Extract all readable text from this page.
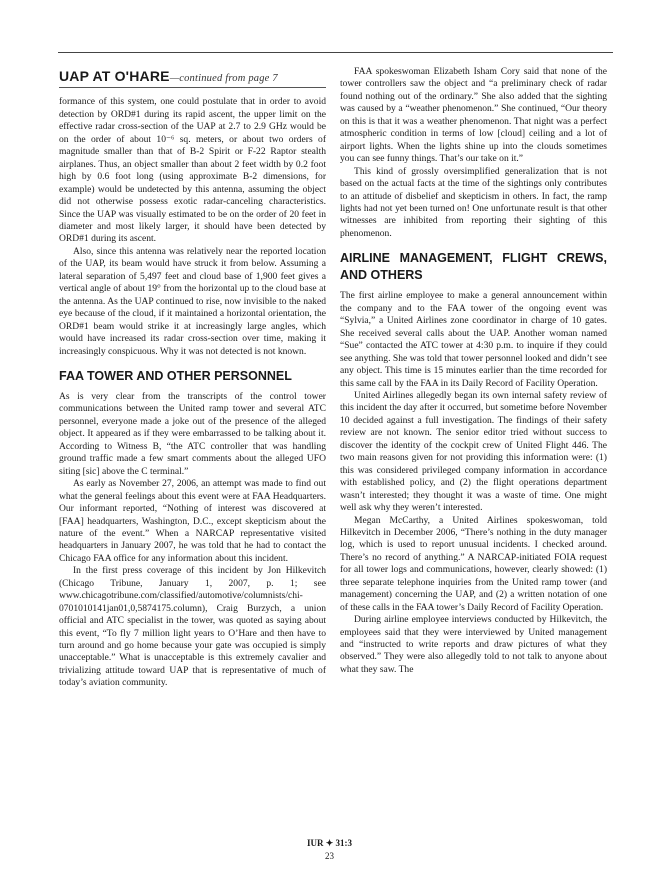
UAP AT O'HARE—continued from page 7

formance of this system, one could postulate that in order to avoid detection by ORD#1 during its rapid ascent, the upper limit on the effective radar cross-section of the UAP at 2.7 to 2.9 GHz would be on the order of about 10⁻⁶ sq. meters, or about two orders of magnitude smaller than that of B-2 Spirit or F-22 Raptor stealth airplanes. Thus, an object smaller than about 2 feet width by 0.2 foot high by 0.6 foot long (using approximate B-2 dimensions, for example) would be undetected by this antenna, assuming the object did not otherwise possess exotic radar-canceling characteristics. Since the UAP was visually estimated to be on the order of 20 feet in diameter and most likely larger, it should have been detected by ORD#1 during its ascent.

Also, since this antenna was relatively near the reported location of the UAP, its beam would have struck it from below. Assuming a lateral separation of 5,497 feet and cloud base of 1,900 feet gives a vertical angle of about 19° from the horizontal up to the cloud base at the antenna. As the UAP continued to rise, now invisible to the naked eye because of the cloud, if it maintained a horizontal orientation, the ORD#1 beam would strike it at increasingly large angles, which would have increased its radar cross-section over time, making it increasingly conspicuous. Why it was not detected is not known.

FAA TOWER AND OTHER PERSONNEL

As is very clear from the transcripts of the control tower communications between the United ramp tower and several ATC personnel, everyone made a joke out of the presence of the alleged object. It appeared as if they were embarrassed to be talking about it. According to Witness B, “the ATC controller that was handling ground traffic made a few smart comments about the alleged UFO siting [sic] above the C terminal.”

As early as November 27, 2006, an attempt was made to find out what the general feelings about this event were at FAA Headquarters. Our informant reported, “Nothing of interest was discovered at [FAA] headquarters, Washington, D.C., except skepticism about the nature of the event.” When a NARCAP representative visited headquarters in January 2007, he was told that he had to contact the Chicago FAA office for any information about this incident.

In the first press coverage of this incident by Jon Hilkevitch (Chicago Tribune, January 1, 2007, p. 1; see www.chicagotribune.com/classified/automotive/columnists/chi-0701010141jan01,0,5874175.column), Craig Burzych, a union official and ATC specialist in the tower, was quoted as saying about this event, “To fly 7 million light years to O’Hare and then have to turn around and go home because your gate was occupied is simply unacceptable.” What is unacceptable is this extremely cavalier and trivializing attitude toward UAP that is representative of much of today’s aviation community.

FAA spokeswoman Elizabeth Isham Cory said that none of the tower controllers saw the object and “a preliminary check of radar found nothing out of the ordinary.” She also added that the sighting was caused by a “weather phenomenon.” She continued, “Our theory on this is that it was a weather phenomenon. That night was a perfect atmospheric condition in terms of low [cloud] ceiling and a lot of airport lights. When the lights shine up into the clouds sometimes you can see funny things. That’s our take on it.”

This kind of grossly oversimplified generalization that is not based on the actual facts at the time of the sightings only contributes to an attitude of disbelief and skepticism in others. In fact, the ramp lights had not yet been turned on! One unfortunate result is that other witnesses are inhibited from reporting their sighting of this phenomenon.

AIRLINE MANAGEMENT, FLIGHT CREWS, AND OTHERS

The first airline employee to make a general announcement within the company and to the FAA tower of the ongoing event was “Sylvia,” a United Airlines zone coordinator in charge of 10 gates. She received several calls about the UAP. Another woman named “Sue” contacted the ATC tower at 4:30 p.m. to inquire if they could see anything. She was told that tower personnel looked and didn’t see any object. This time is 15 minutes earlier than the time recorded for this same call by the FAA in its Daily Record of Facility Operation.

United Airlines allegedly began its own internal safety review of this incident the day after it occurred, but sometime before November 10 decided against a full investigation. The findings of their safety review are not known. The senior editor tried without success to discover the identity of the cockpit crew of United Flight 446. The two main reasons given for not providing this information were: (1) this was considered privileged company information in accordance with established policy, and (2) the flight operations department wasn’t interested; they thought it was a waste of time. One might well ask why they weren’t interested.

Megan McCarthy, a United Airlines spokeswoman, told Hilkevitch in December 2006, “There’s nothing in the duty manager log, which is used to report unusual incidents. I checked around. There’s no record of anything.” A NARCAP-initiated FOIA request for all tower logs and communications, however, clearly showed: (1) three separate telephone inquiries from the United ramp tower (and management) concerning the UAP, and (2) a written notation of one of these calls in the FAA tower’s Daily Record of Facility Operation.

During airline employee interviews conducted by Hilkevitch, the employees said that they were interviewed by United management and “instructed to write reports and draw pictures of what they observed.” They were also allegedly told to not talk to anyone about what they saw. The

IUR ✦ 31:3
23
